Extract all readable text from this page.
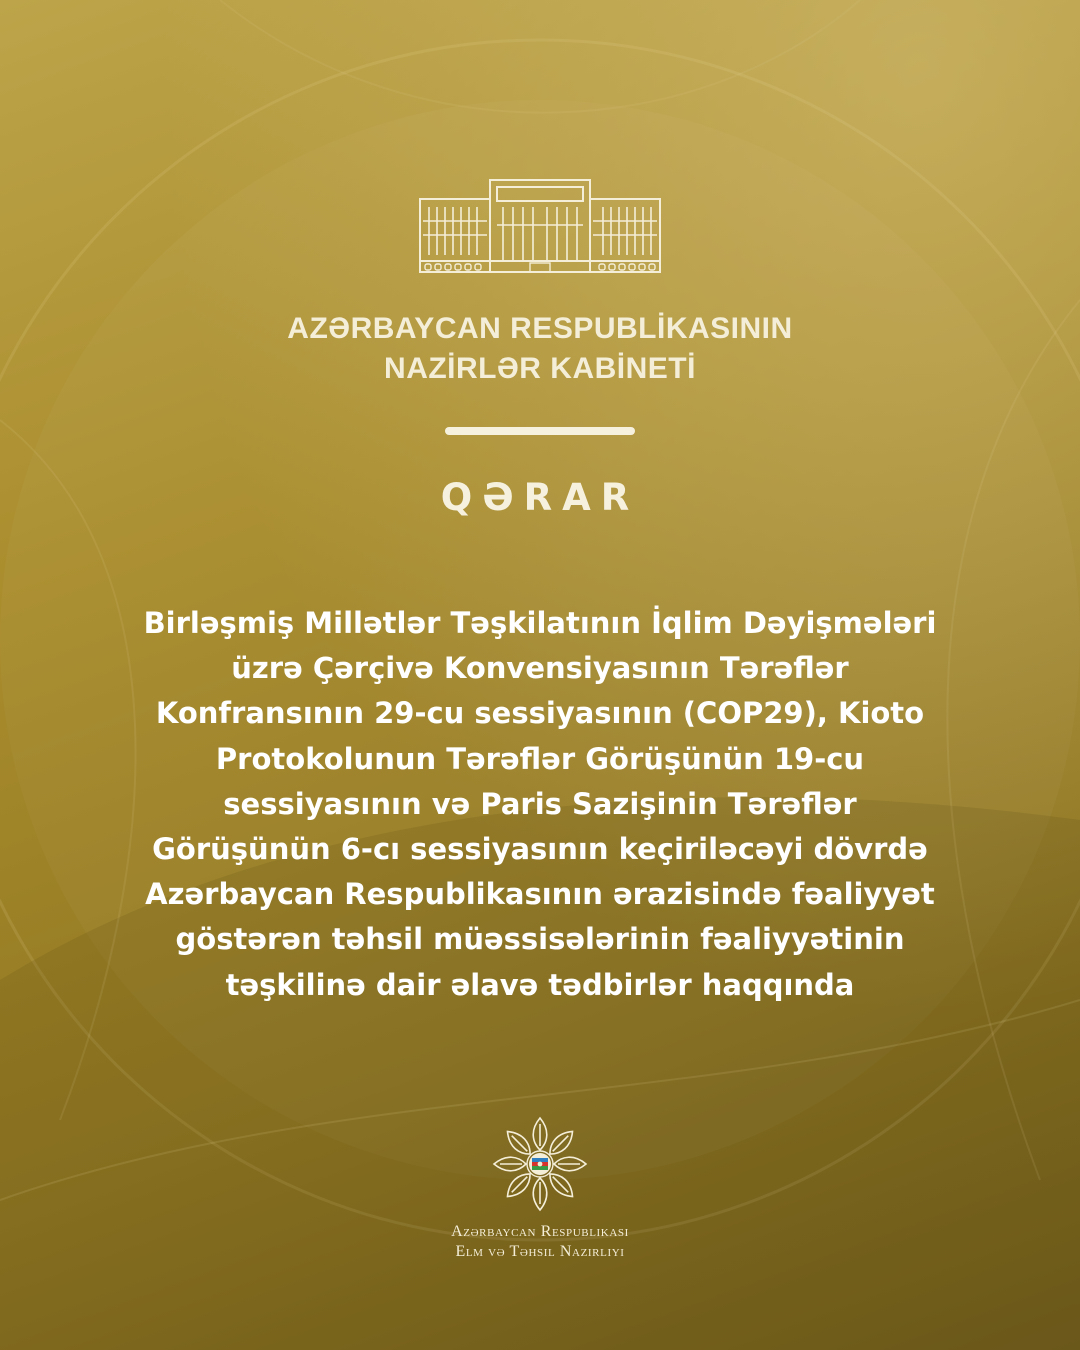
AZƏRBAYCAN RESPUBLİKASININ
NAZİRLƏR KABİNETİ
QƏRAR

Birləşmiş Millətlər Təşkilatının İqlim Dəyişmələri
üzrə Çərçivə Konvensiyasının Tərəflər
Konfransının 29-cu sessiyasının (COP29), Kioto
Protokolunun Tərəflər Görüşünün 19-cu
sessiyasının və Paris Sazişinin Tərəflər
Görüşünün 6-cı sessiyasının keçiriləcəyi dövrdə
Azərbaycan Respublikasının ərazisində fəaliyyət
göstərən təhsil müəssisələrinin fəaliyyətinin
təşkilinə dair əlavə tədbirlər haqqında

Azərbaycan Respublikası
Elm və Təhsil Nazirliyi
